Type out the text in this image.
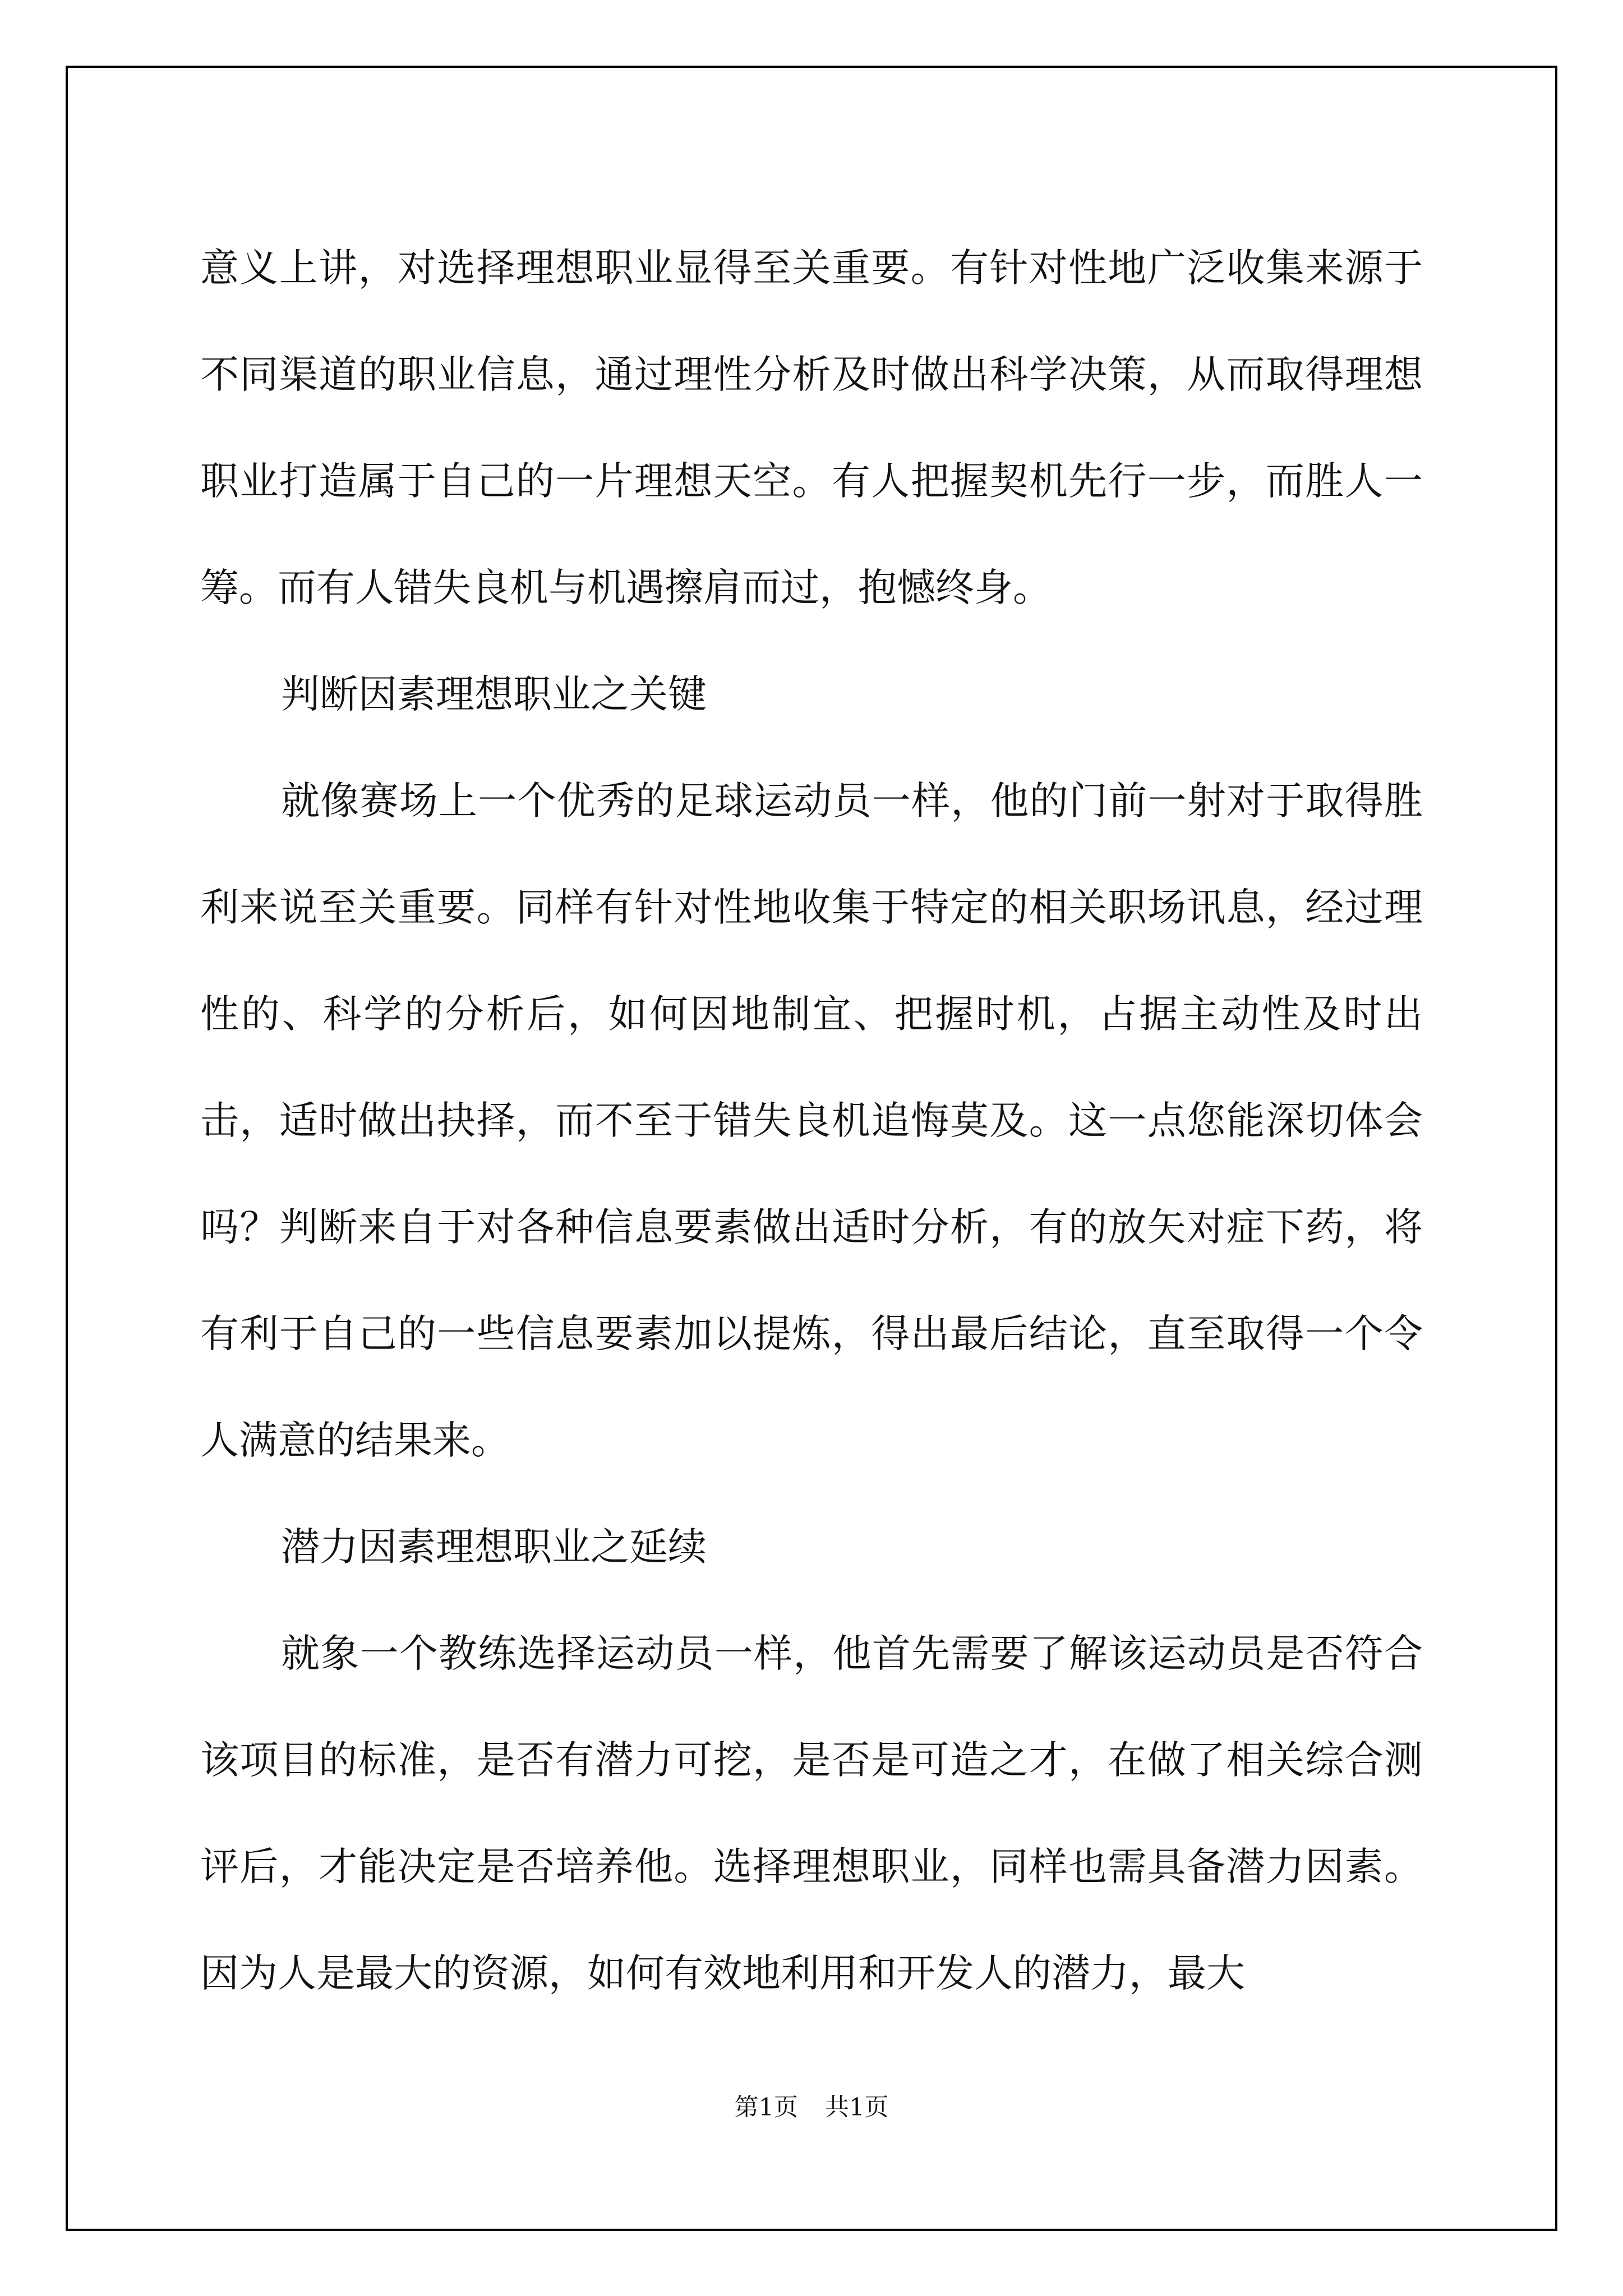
意义上讲，对选择理想职业显得至关重要。有针对性地广泛收集来源于不同渠道的职业信息，通过理性分析及时做出科学决策，从而取得理想职业打造属于自己的一片理想天空。有人把握契机先行一步，而胜人一筹。而有人错失良机与机遇擦肩而过，抱憾终身。

判断因素理想职业之关键

就像赛场上一个优秀的足球运动员一样，他的门前一射对于取得胜利来说至关重要。同样有针对性地收集于特定的相关职场讯息，经过理性的、科学的分析后，如何因地制宜、把握时机，占据主动性及时出击，适时做出抉择，而不至于错失良机追悔莫及。这一点您能深切体会吗？判断来自于对各种信息要素做出适时分析，有的放矢对症下药，将有利于自己的一些信息要素加以提炼，得出最后结论，直至取得一个令人满意的结果来。

潜力因素理想职业之延续

就象一个教练选择运动员一样，他首先需要了解该运动员是否符合该项目的标准，是否有潜力可挖，是否是可造之才，在做了相关综合测评后，才能决定是否培养他。选择理想职业，同样也需具备潜力因素。因为人是最大的资源，如何有效地利用和开发人的潜力，最大

第1页 共1页
